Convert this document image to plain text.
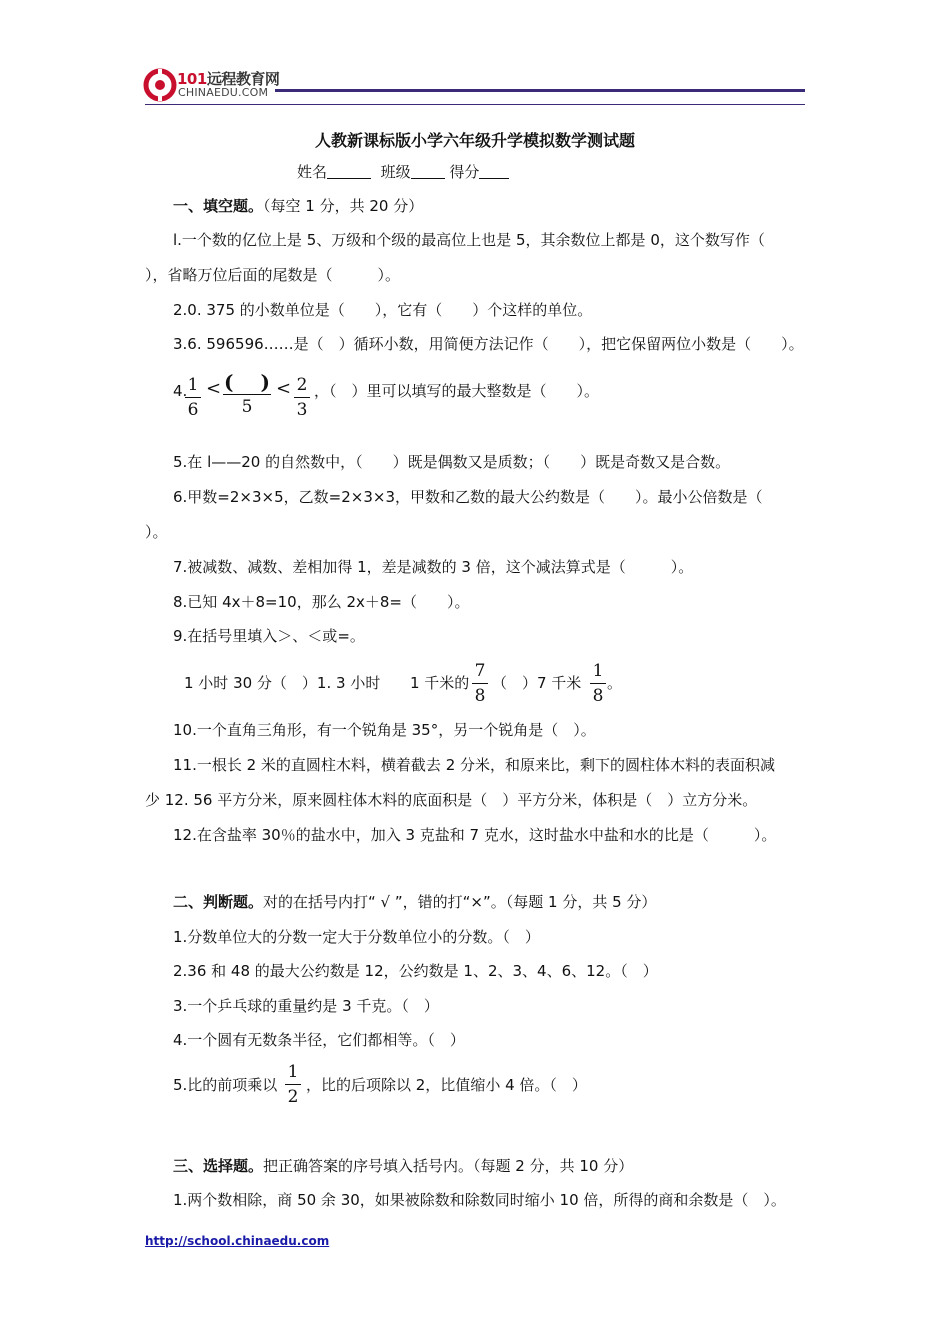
101远程教育网
CHINAEDU.COM
人教新课标版小学六年级升学模拟数学测试题
姓名	班级	得分
一、填空题。（每空 1 分，共 20 分）
l.一个数的亿位上是 5、万级和个级的最高位上也是 5，其余数位上都是 0，这个数写作（
），省略万位后面的尾数是（　　　）。
2.0. 375 的小数单位是（　　），它有（　　）个这样的单位。
3.6. 596596……是（　）循环小数，用简便方法记作（　　），把它保留两位小数是（　　）。
4. 1
6
< (　 )
5
< 2
3
，（　）里可以填写的最大整数是（　　）。
5.在 l——20 的自然数中，（　　）既是偶数又是质数；（　　）既是奇数又是合数。
6.甲数=2×3×5，乙数=2×3×3，甲数和乙数的最大公约数是（　　）。最小公倍数是（
）。
7.被减数、减数、差相加得 1，差是减数的 3 倍，这个减法算式是（　　　）。
8.已知 4x＋8=10，那么 2x＋8=（　　）。
9.在括号里填入＞、＜或=。
1 小时 30 分（　）1. 3 小时 1 千米的
7
8
（　）7 千米
1
8
。
10.一个直角三角形，有一个锐角是 35°，另一个锐角是（　）。
11.一根长 2 米的直圆柱木料，横着截去 2 分米，和原来比，剩下的圆柱体木料的表面积减
少 12. 56 平方分米，原来圆柱体木料的底面积是（　）平方分米，体积是（　）立方分米。
12.在含盐率 30％的盐水中，加入 3 克盐和 7 克水，这时盐水中盐和水的比是（　　　）。
二、判断题。对的在括号内打“ √ ”，错的打“×”。（每题 1 分，共 5 分）
1.分数单位大的分数一定大于分数单位小的分数。（　）
2.36 和 48 的最大公约数是 12，公约数是 1、2、3、4、6、12。（　）
3.一个乒乓球的重量约是 3 千克。（　）
4.一个圆有无数条半径，它们都相等。（　）
5.比的前项乘以
1
2
，比的后项除以 2，比值缩小 4 倍。（　）
三、选择题。把正确答案的序号填入括号内。（每题 2 分，共 10 分）
1.两个数相除，商 50 余 30，如果被除数和除数同时缩小 10 倍，所得的商和余数是（　）。
http://school.chinaedu.com
